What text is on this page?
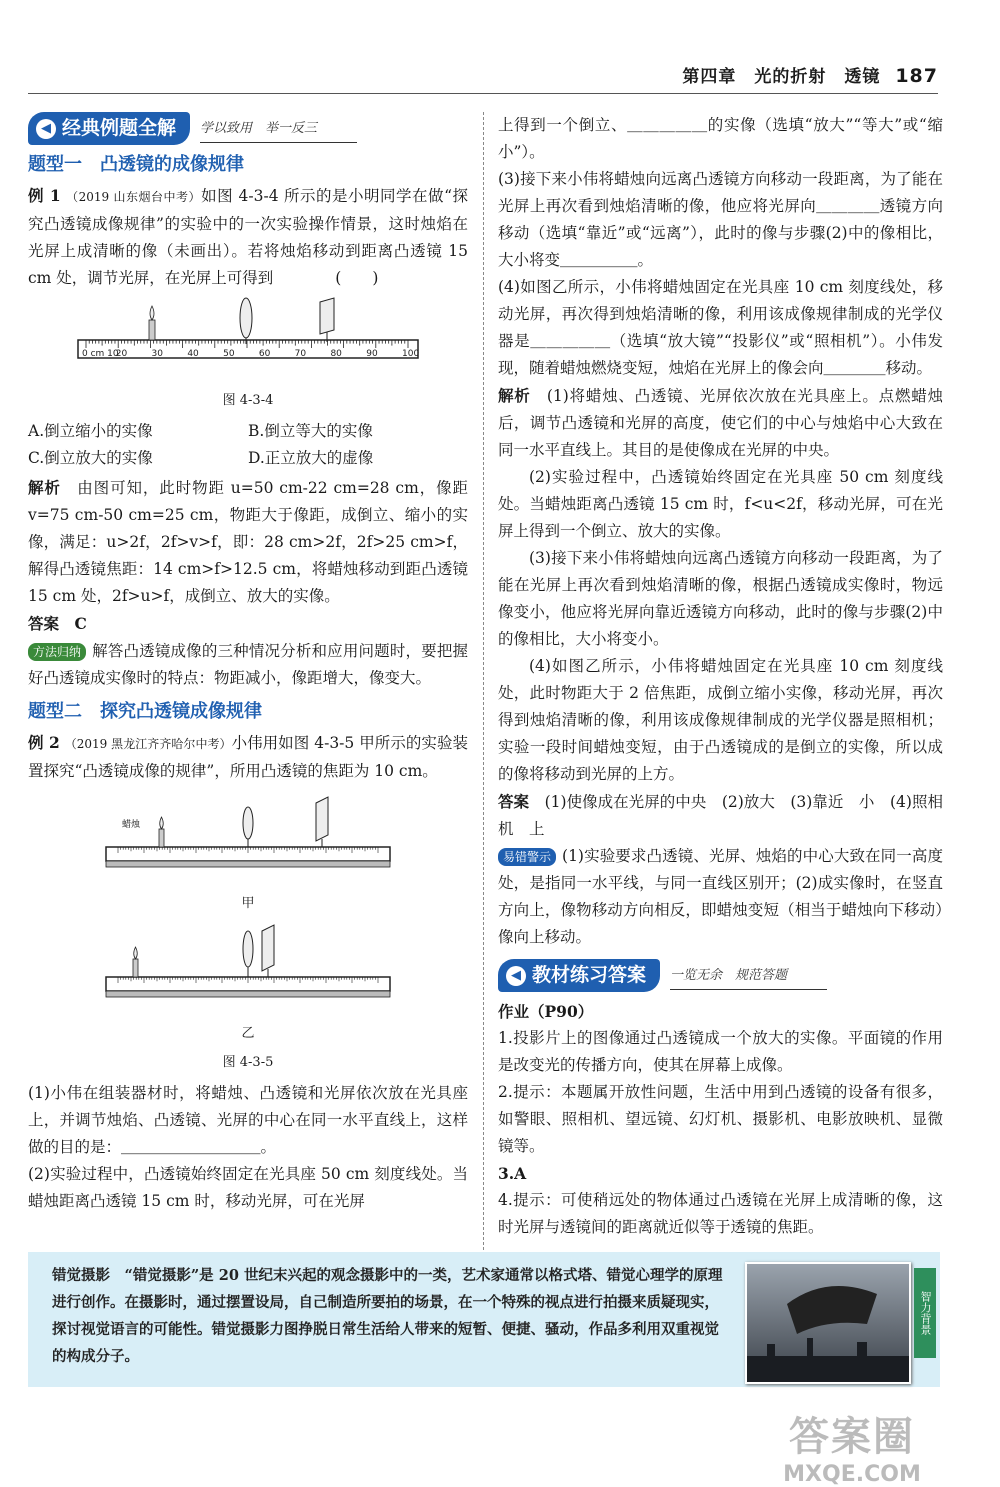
第四章　光的折射　透镜 187
◀ 经典例题全解 学以致用　举一反三
题型一　凸透镜的成像规律

例 1 （2019 山东烟台中考）如图 4-3-4 所示的是小明同学在做“探究凸透镜成像规律”的实验中的一次实验操作情景，这时烛焰在光屏上成清晰的像（未画出）。若将烛焰移动到距离凸透镜 15 cm 处，调节光屏，在光屏上可得到　　　　(　　)

0 cm 10
20	30	40	50	60	70	80	90	100
图 4-3-4
A.倒立缩小的实像	B.倒立等大的实像
C.倒立放大的实像	D.正立放大的虚像

解析　 由图可知，此时物距 u=50 cm-22 cm=28 cm，像距v=75 cm-50 cm=25 cm，物距大于像距，成倒立、缩小的实像，满足：u>2f，2f>v>f，即：28 cm>2f，2f>25 cm>f，解得凸透镜焦距：14 cm>f>12.5 cm，将蜡烛移动到距凸透镜 15 cm 处，2f>u>f，成倒立、放大的实像。

答案　 C

方法归纳 解答凸透镜成像的三种情况分析和应用问题时，要把握好凸透镜成实像时的特点：物距减小，像距增大，像变大。

题型二　探究凸透镜成像规律

例 2 （2019 黑龙江齐齐哈尔中考）小伟用如图 4-3-5 甲所示的实验装置探究“凸透镜成像的规律”，所用凸透镜的焦距为 10 cm。

蜡烛
甲
乙
图 4-3-5

(1)小伟在组装器材时，将蜡烛、凸透镜和光屏依次放在光具座上，并调节烛焰、凸透镜、光屏的中心在同一水平直线上，这样做的目的是：＿＿＿＿＿＿＿＿＿。

(2)实验过程中，凸透镜始终固定在光具座 50 cm 刻度线处。当蜡烛距离凸透镜 15 cm 时，移动光屏，可在光屏

上得到一个倒立、＿＿＿＿＿的实像（选填“放大”“等大”或“缩小”）。

(3)接下来小伟将蜡烛向远离凸透镜方向移动一段距离，为了能在光屏上再次看到烛焰清晰的像，他应将光屏向＿＿＿＿透镜方向移动（选填“靠近”或“远离”），此时的像与步骤(2)中的像相比，大小将变＿＿＿＿＿。

(4)如图乙所示，小伟将蜡烛固定在光具座 10 cm 刻度线处，移动光屏，再次得到烛焰清晰的像，利用该成像规律制成的光学仪器是＿＿＿＿＿（选填“放大镜”“投影仪”或“照相机”）。小伟发现，随着蜡烛燃烧变短，烛焰在光屏上的像会向＿＿＿＿移动。

解析　 (1)将蜡烛、凸透镜、光屏依次放在光具座上。点燃蜡烛后，调节凸透镜和光屏的高度，使它们的中心与烛焰中心大致在同一水平直线上。其目的是使像成在光屏的中央。

(2)实验过程中，凸透镜始终固定在光具座 50 cm 刻度线处。当蜡烛距离凸透镜 15 cm 时，f<u<2f，移动光屏，可在光屏上得到一个倒立、放大的实像。

(3)接下来小伟将蜡烛向远离凸透镜方向移动一段距离，为了能在光屏上再次看到烛焰清晰的像，根据凸透镜成实像时，物远像变小，他应将光屏向靠近透镜方向移动，此时的像与步骤(2)中的像相比，大小将变小。

(4)如图乙所示，小伟将蜡烛固定在光具座 10 cm 刻度线处，此时物距大于 2 倍焦距，成倒立缩小实像，移动光屏，再次得到烛焰清晰的像，利用该成像规律制成的光学仪器是照相机；实验一段时间蜡烛变短，由于凸透镜成的是倒立的实像，所以成的像将移动到光屏的上方。

答案　 (1)使像成在光屏的中央　(2)放大　(3)靠近　小　(4)照相机　上

易错警示 (1)实验要求凸透镜、光屏、烛焰的中心大致在同一高度处，是指同一水平线，与同一直线区别开；(2)成实像时，在竖直方向上，像物移动方向相反，即蜡烛变短（相当于蜡烛向下移动）像向上移动。

◀ 教材练习答案 一览无余　规范答题

作业（P90）

1.投影片上的图像通过凸透镜成一个放大的实像。平面镜的作用是改变光的传播方向，使其在屏幕上成像。

2.提示：本题属开放性问题，生活中用到凸透镜的设备有很多，如警眼、照相机、望远镜、幻灯机、摄影机、电影放映机、显微镜等。

3.A

4.提示：可使稍远处的物体通过凸透镜在光屏上成清晰的像，这时光屏与透镜间的距离就近似等于透镜的焦距。

错觉摄影　 “错觉摄影”是 20 世纪末兴起的观念摄影中的一类，艺术家通常以格式塔、错觉心理学的原理进行创作。在摄影时，通过摆置设局，自己制造所要拍的场景，在一个特殊的视点进行拍摄来质疑现实，探讨视觉语言的可能性。错觉摄影力图挣脱日常生活给人带来的短暂、便捷、骚动，作品多利用双重视觉的构成分子。
智力背景
答案圈
MXQE.COM
